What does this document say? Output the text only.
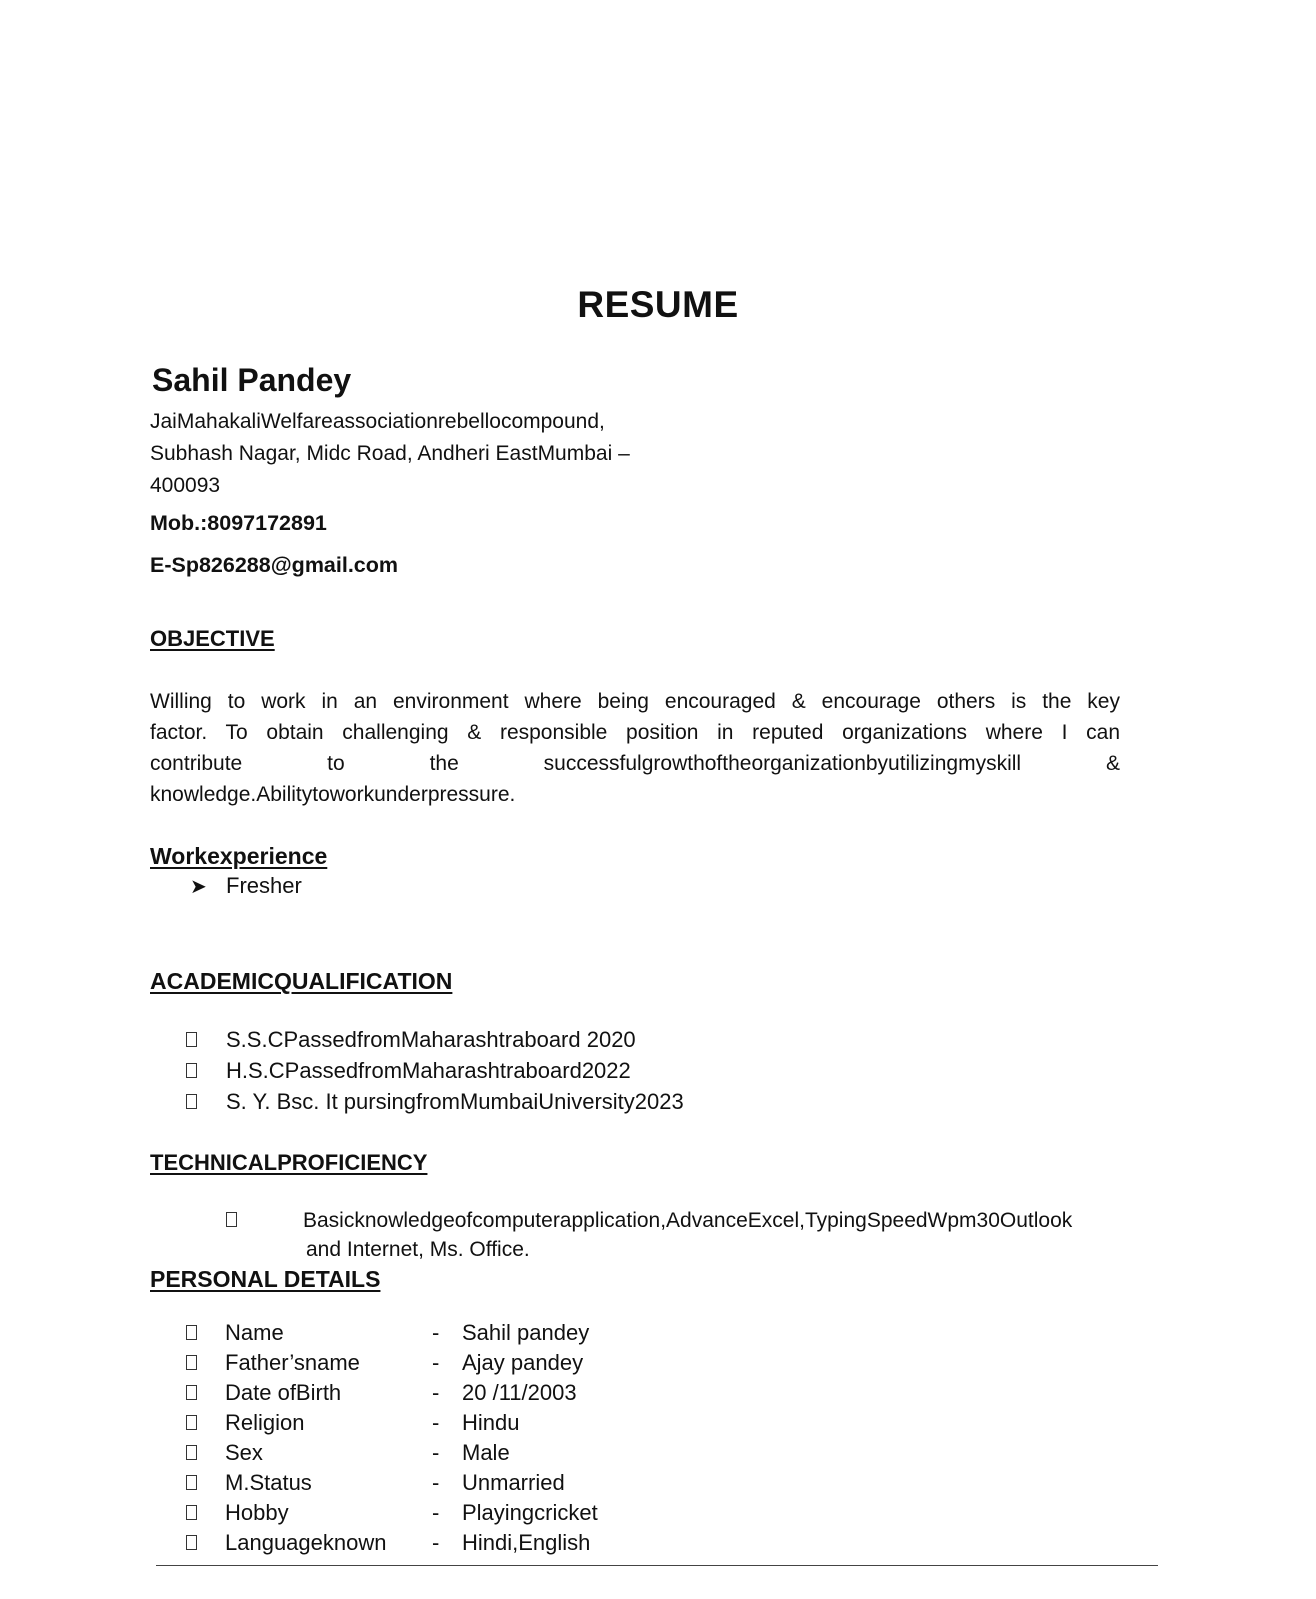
RESUME
Sahil Pandey
JaiMahakaliWelfareassociationrebellocompound,
Subhash Nagar, Midc Road, Andheri EastMumbai –
400093
Mob.:8097172891
E-Sp826288@gmail.com
OBJECTIVE
Willing to work in an environment where being encouraged & encourage others is the key
factor. To obtain challenging & responsible position in reputed organizations where I can
contribute to the successfulgrowthoftheorganizationbyutilizingmyskill &
knowledge.Abilitytoworkunderpressure.
Workexperience
➤ Fresher
ACADEMICQUALIFICATION
S.S.CPassedfromMaharashtraboard 2020
H.S.CPassedfromMaharashtraboard2022
S. Y. Bsc. It pursingfromMumbaiUniversity2023
TECHNICALPROFICIENCY
Basicknowledgeofcomputerapplication,AdvanceExcel,TypingSpeedWpm30Outlook
and Internet, Ms. Office.
PERSONAL DETAILS
Name	- Sahil pandey
Father’sname	- Ajay pandey
Date ofBirth	- 20 /11/2003
Religion	- Hindu
Sex	- Male
M.Status	- Unmarried
Hobby	- Playingcricket
Languageknown - Hindi,English
